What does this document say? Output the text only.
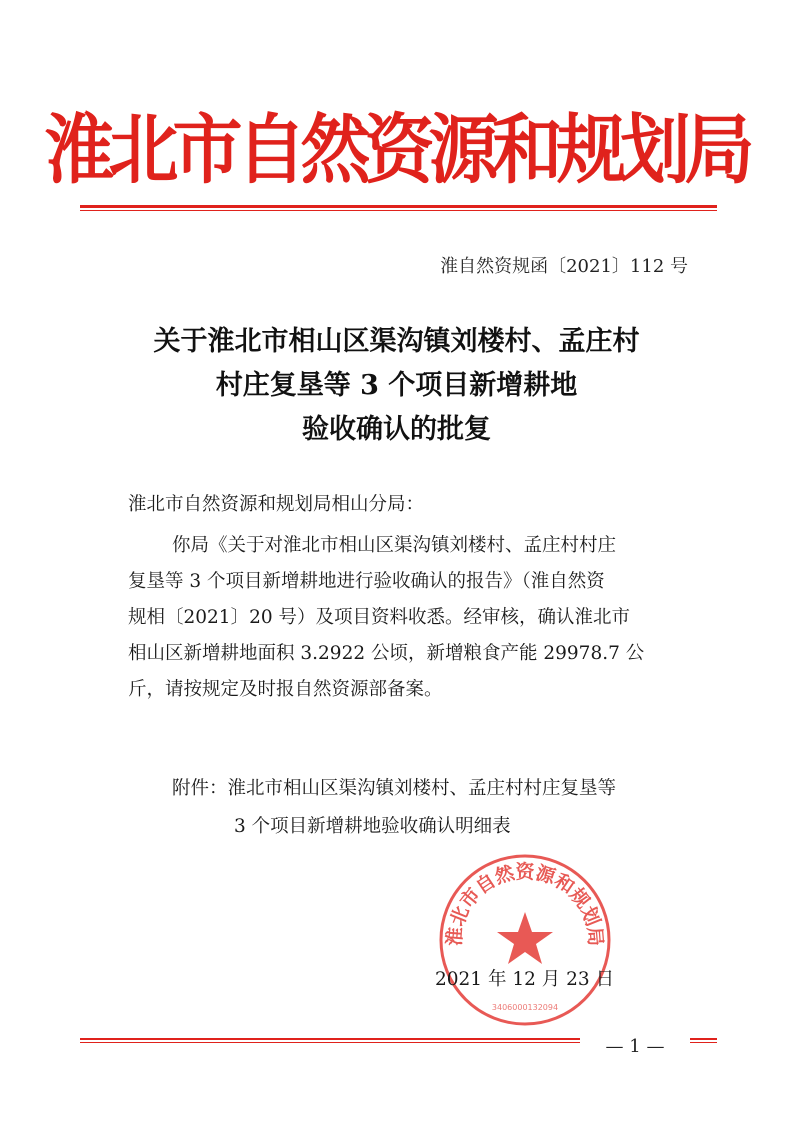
淮北市自然资源和规划局
淮自然资规函〔2021〕112 号
关于淮北市相山区渠沟镇刘楼村、孟庄村
村庄复垦等 3 个项目新增耕地
验收确认的批复
淮北市自然资源和规划局相山分局：
你局《关于对淮北市相山区渠沟镇刘楼村、孟庄村村庄
复垦等 3 个项目新增耕地进行验收确认的报告》（淮自然资
规相〔2021〕20 号）及项目资料收悉。经审核，确认淮北市
相山区新增耕地面积 3.2922 公顷，新增粮食产能 29978.7 公
斤，请按规定及时报自然资源部备案。
附件：淮北市相山区渠沟镇刘楼村、孟庄村村庄复垦等
3 个项目新增耕地验收确认明细表
淮北市自然资源和规划局
3406000132094
2021 年 12 月 23 日
— 1 —
